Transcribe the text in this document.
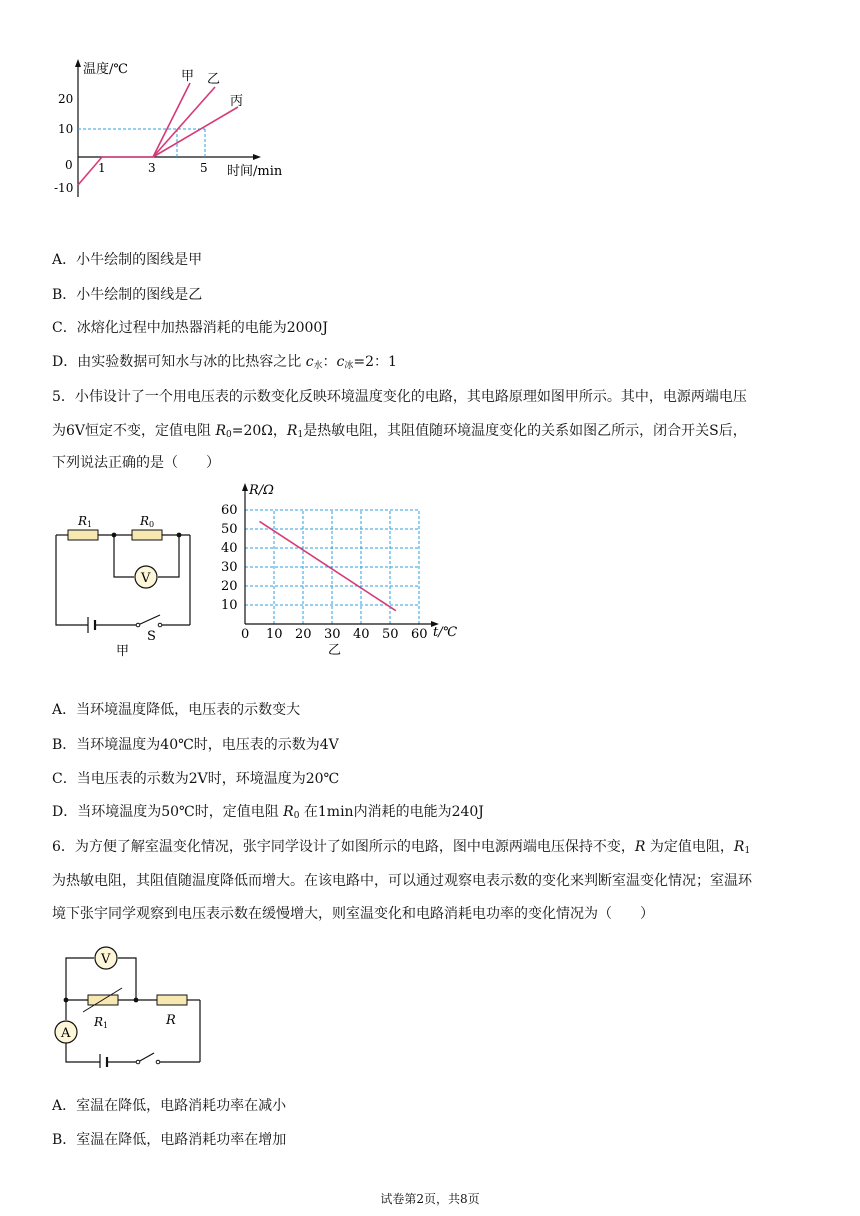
温度/℃
时间/min
20
10
0
-10
1	3	5
甲 乙
丙
A．小牛绘制的图线是甲
B．小牛绘制的图线是乙
C．冰熔化过程中加热器消耗的电能为2000J
D．由实验数据可知水与冰的比热容之比 $c_水$：$c_冰=2$：1
5．小伟设计了一个用电压表的示数变化反映环境温度变化的电路，其电路原理如图甲所示。其中，电源两端电压
为6V恒定不变，定值电阻 $R_0=20\Omega$，$R_1$是热敏电阻，其阻值随环境温度变化的关系如图乙所示，闭合开关S后，
下列说法正确的是（　　）
V
R1	R0
S
甲
10
20
30
40
50
60
0 10 20 30 40 50 60
R/Ω
t/℃
乙
A．当环境温度降低，电压表的示数变大
B．当环境温度为40℃时，电压表的示数为4V
C．当电压表的示数为2V时，环境温度为20℃
D．当环境温度为50℃时，定值电阻 $R_0$ 在1min内消耗的电能为240J
6．为方便了解室温变化情况，张宇同学设计了如图所示的电路，图中电源两端电压保持不变，R 为定值电阻，$R_1$
为热敏电阻，其阻值随温度降低而增大。在该电路中，可以通过观察电表示数的变化来判断室温变化情况；室温环
境下张宇同学观察到电压表示数在缓慢增大，则室温变化和电路消耗电功率的变化情况为（　　）
V
A
R1	R
A．室温在降低，电路消耗功率在减小
B．室温在降低，电路消耗功率在增加
试卷第2页，共8页
